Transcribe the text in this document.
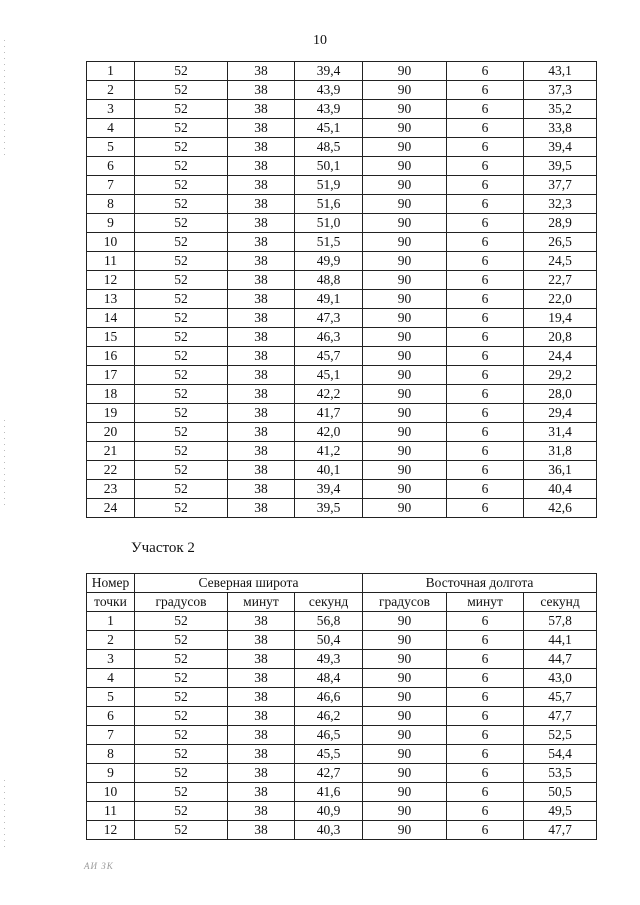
10
1	52	38	39,4	90	6	43,1
2	52	38	43,9	90	6	37,3
3	52	38	43,9	90	6	35,2
4	52	38	45,1	90	6	33,8
5	52	38	48,5	90	6	39,4
6	52	38	50,1	90	6	39,5
7	52	38	51,9	90	6	37,7
8	52	38	51,6	90	6	32,3
9	52	38	51,0	90	6	28,9
10	52	38	51,5	90	6	26,5
11	52	38	49,9	90	6	24,5
12	52	38	48,8	90	6	22,7
13	52	38	49,1	90	6	22,0
14	52	38	47,3	90	6	19,4
15	52	38	46,3	90	6	20,8
16	52	38	45,7	90	6	24,4
17	52	38	45,1	90	6	29,2
18	52	38	42,2	90	6	28,0
19	52	38	41,7	90	6	29,4
20	52	38	42,0	90	6	31,4
21	52	38	41,2	90	6	31,8
22	52	38	40,1	90	6	36,1
23	52	38	39,4	90	6	40,4
24	52	38	39,5	90	6	42,6
Участок 2
Номер	Северная широта			Восточная долгота		
точки	градусов	минут	секунд	градусов	минут	секунд
1	52	38	56,8	90	6	57,8
2	52	38	50,4	90	6	44,1
3	52	38	49,3	90	6	44,7
4	52	38	48,4	90	6	43,0
5	52	38	46,6	90	6	45,7
6	52	38	46,2	90	6	47,7
7	52	38	46,5	90	6	52,5
8	52	38	45,5	90	6	54,4
9	52	38	42,7	90	6	53,5
10	52	38	41,6	90	6	50,5
11	52	38	40,9	90	6	49,5
12	52	38	40,3	90	6	47,7
АИ ЗК
